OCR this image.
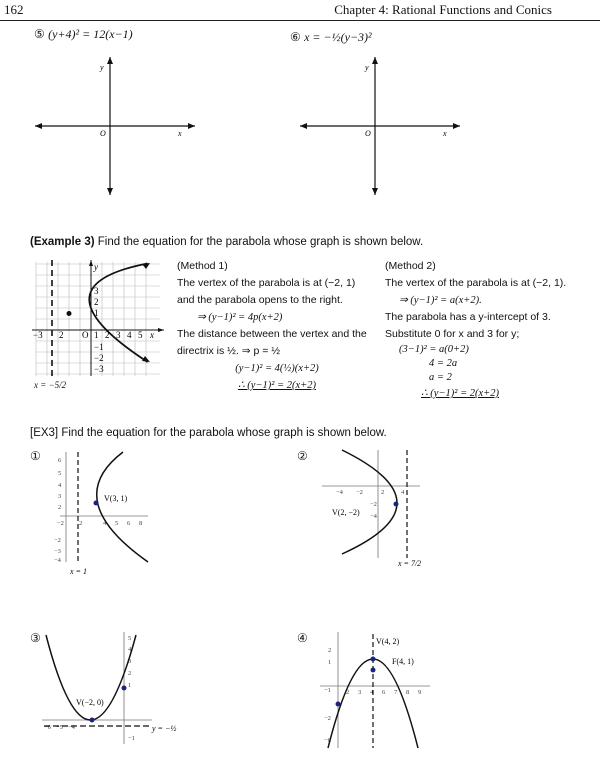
162	Chapter 4: Rational Functions and Conics
⑤ (y+4)² = 12(x−1)	⑥ x = −½(y−3)²
y
x
O
y
x
O
(Example 3) Find the equation for the parabola whose graph is shown below.
y
3
2
1
−1
−2
−3
−3 2 O 1 2 3 4 5 x
x = −5/2
(Method 1)
The vertex of the parabola is at (−2, 1)
and the parabola opens to the right.
⇒ (y−1)² = 4p(x+2)
The distance between the vertex and the
directrix is ½. ⇒ p = ½
(y−1)² = 4(½)(x+2)
∴ (y−1)² = 2(x+2)
(Method 2)
The vertex of the parabola is at (−2, 1).
⇒ (y−1)² = a(x+2).
The parabola has a y-intercept of 3.
Substitute 0 for x and 3 for y;
(3−1)² = a(0+2)
4 = 2a
a = 2
∴ (y−1)² = 2(x+2)
[EX3] Find the equation for the parabola whose graph is shown below.
①
−2 2	4 5 6 8
6
5
4
3
2
−2
−3
−4
V(3, 1)
x = 1
②
−4 −2	2	4
−2
−4
V(2, −2)
x = 7/2
③	5
4
3
2
1
−1
−6 −5 −4
V(−2, 0)
y = −½
④
2
1
−1
−2
−6
2 3 4 6 7 8 9
V(4, 2)
F(4, 1)
